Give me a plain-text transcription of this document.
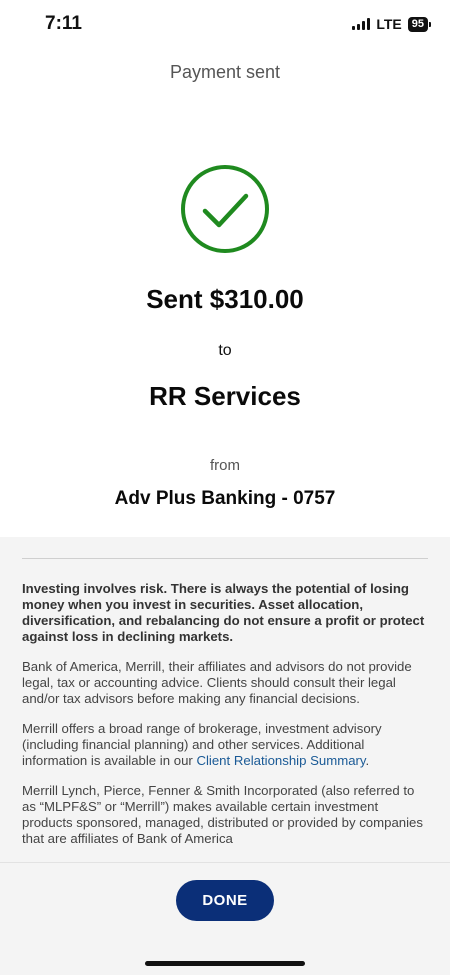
7:11	LTE 95
Payment sent
Sent $310.00
to
RR Services
from
Adv Plus Banking - 0757

Investing involves risk. There is always the potential of losing money when you invest in securities. Asset allocation, diversification, and rebalancing do not ensure a profit or protect against loss in declining markets.

Bank of America, Merrill, their affiliates and advisors do not provide legal, tax or accounting advice. Clients should consult their legal and/or tax advisors before making any financial decisions.

Merrill offers a broad range of brokerage, investment advisory (including financial planning) and other services. Additional information is available in our Client Relationship Summary.

Merrill Lynch, Pierce, Fenner & Smith Incorporated (also referred to as “MLPF&S” or “Merrill”) makes available certain investment products sponsored, managed, distributed or provided by companies that are affiliates of Bank of America

DONE
